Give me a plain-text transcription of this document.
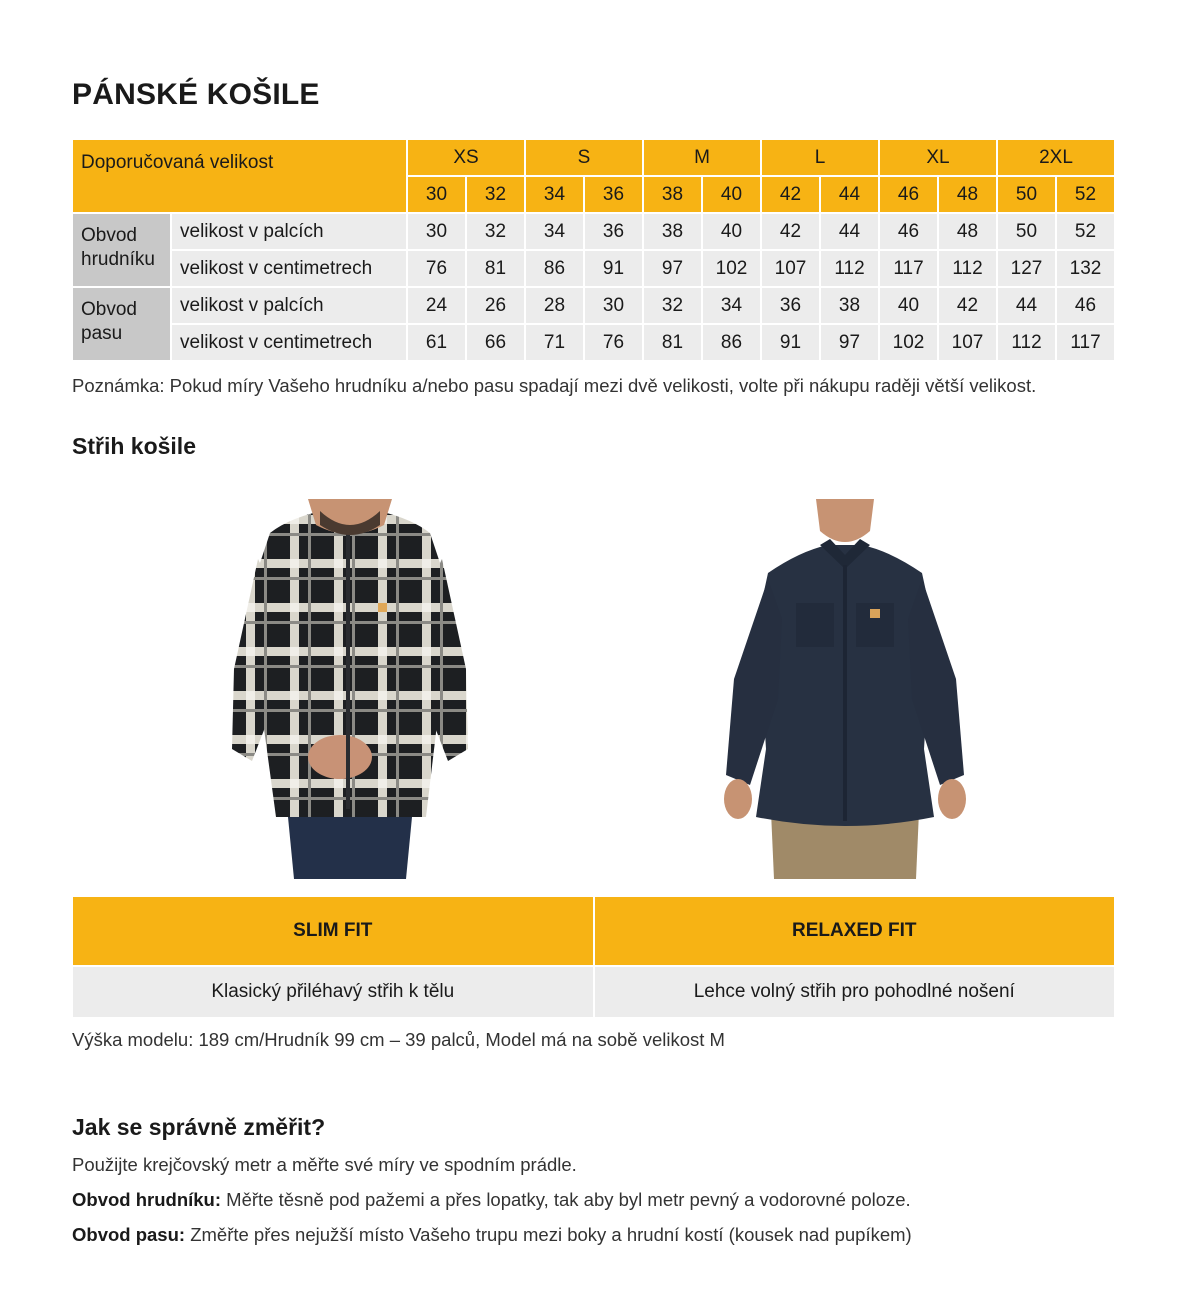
PÁNSKÉ KOŠILE
Doporučovaná velikost		XS		S		M		L		XL		2XL	
		30	32	34	36	38	40	42	44	46	48	50	52
Obvod hrudníku	velikost v palcích	30	32	34	36	38	40	42	44	46	48	50	52
	velikost v centimetrech	76	81	86	91	97	102	107	112	117	112	127	132
Obvod pasu	velikost v palcích	24	26	28	30	32	34	36	38	40	42	44	46
	velikost v centimetrech	61	66	71	76	81	86	91	97	102	107	112	117

Poznámka: Pokud míry Vašeho hrudníku a/nebo pasu spadají mezi dvě velikosti, volte při nákupu raději větší velikost.

Střih košile
SLIM FIT	RELAXED FIT
Klasický přiléhavý střih k tělu	Lehce volný střih pro pohodlné nošení

Výška modelu: 189 cm/Hrudník 99 cm – 39 palců, Model má na sobě velikost M

Jak se správně změřit?

Použijte krejčovský metr a měřte své míry ve spodním prádle.

Obvod hrudníku: Měřte těsně pod pažemi a přes lopatky, tak aby byl metr pevný a vodorovné poloze.

Obvod pasu: Změřte přes nejužší místo Vašeho trupu mezi boky a hrudní kostí (kousek nad pupíkem)
